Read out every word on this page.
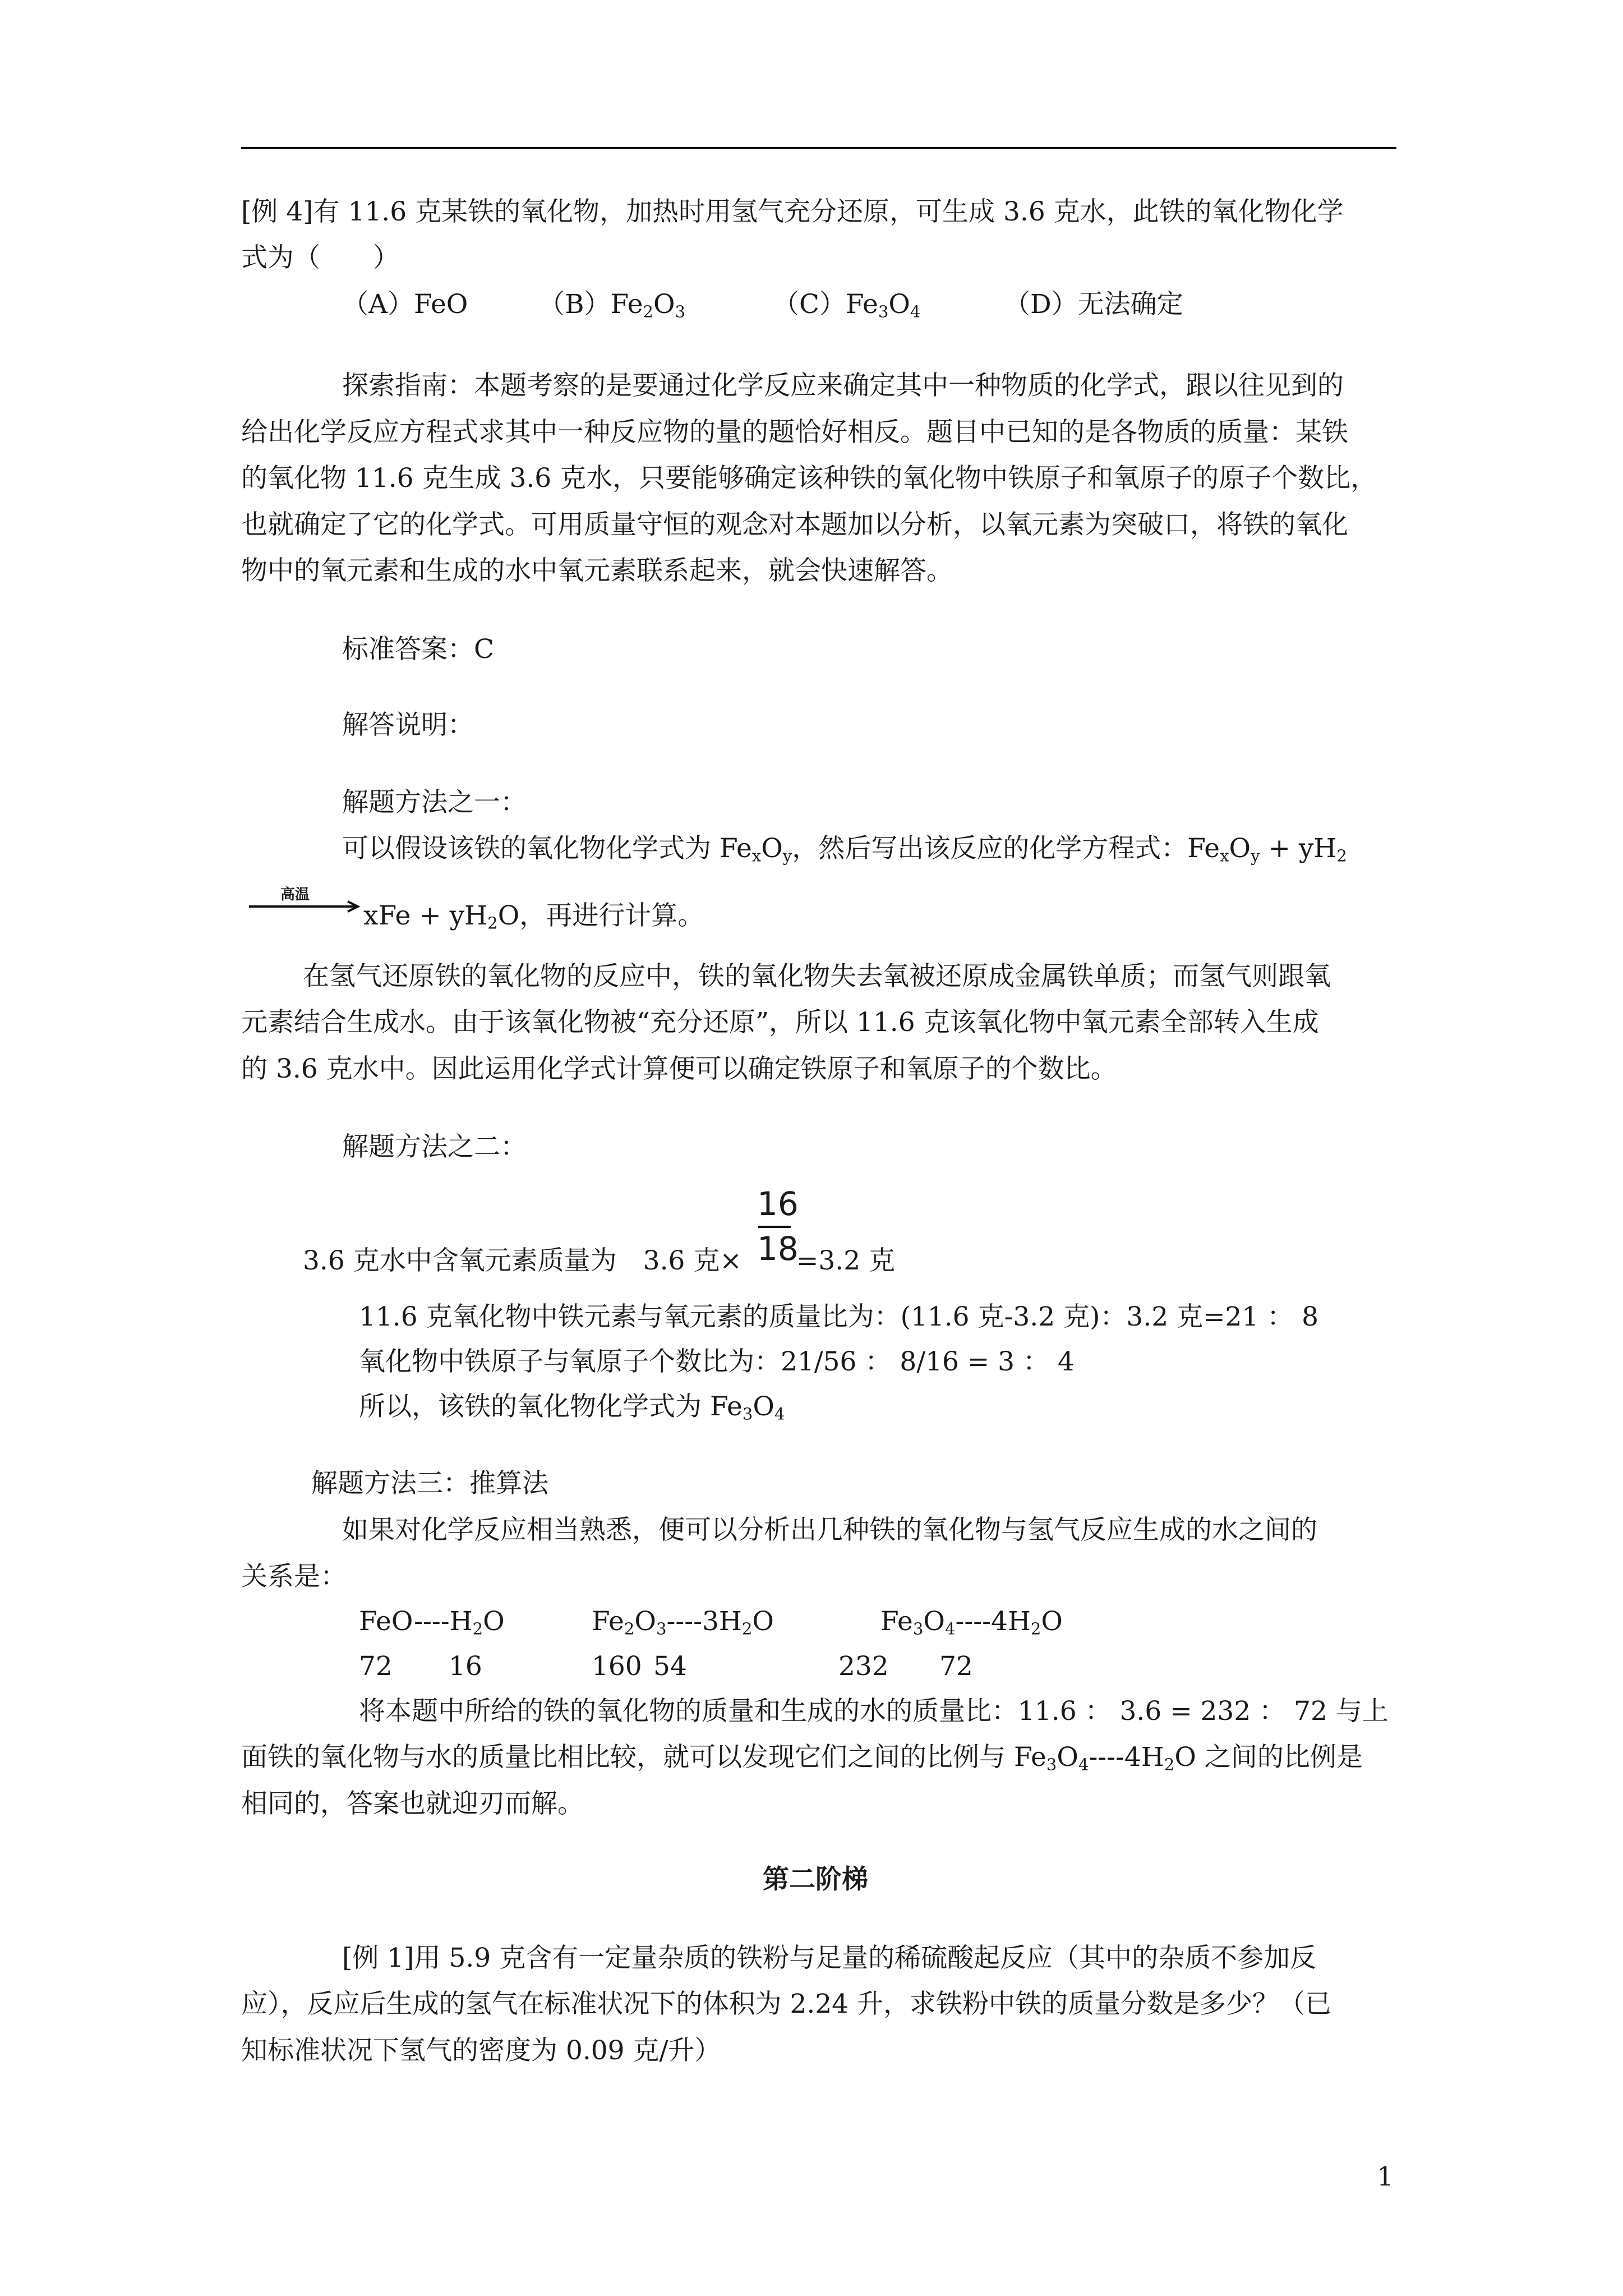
[例 4]有 11.6 克某铁的氧化物，加热时用氢气充分还原，可生成 3.6 克水，此铁的氧化物化学
式为（　　）
（A）FeO	$(B)Fe_2O_3$	$(C)Fe_3O_4$	（D）无法确定
探索指南：本题考察的是要通过化学反应来确定其中一种物质的化学式，跟以往见到的
给出化学反应方程式求其中一种反应物的量的题恰好相反。题目中已知的是各物质的质量：某铁
的氧化物 11.6 克生成 3.6 克水，只要能够确定该种铁的氧化物中铁原子和氧原子的原子个数比，
也就确定了它的化学式。可用质量守恒的观念对本题加以分析，以氧元素为突破口，将铁的氧化
物中的氧元素和生成的水中氧元素联系起来，就会快速解答。
标准答案：C
解答说明：
解题方法之一：
可以假设该铁的氧化物化学式为 $Fe_xO_y$，然后写出该反应的化学方程式：$Fe_xO_y + yH_2$
高温
xFe + $yH_2O$，再进行计算。
在氢气还原铁的氧化物的反应中，铁的氧化物失去氧被还原成金属铁单质；而氢气则跟氧
元素结合生成水。由于该氧化物被“充分还原”，所以 11.6 克该氧化物中氧元素全部转入生成
的 3.6 克水中。因此运用化学式计算便可以确定铁原子和氧原子的个数比。
解题方法之二：
16
18
3.6 克水中含氧元素质量为　3.6 克× =3.2 克
11.6 克氧化物中铁元素与氧元素的质量比为：(11.6 克-3.2 克)：3.2 克=21 ： 8
氧化物中铁原子与氧原子个数比为：21/56 ： 8/16 = 3 ： 4
所以，该铁的氧化物化学式为 $Fe_3O_4$
解题方法三：推算法
如果对化学反应相当熟悉，便可以分析出几种铁的氧化物与氢气反应生成的水之间的
关系是：
FeO-$---H_2O$	$Fe_2O_3----3H_2O$	$Fe_3O_4----4H_2O$
72 16	160 54	232 72
将本题中所给的铁的氧化物的质量和生成的水的质量比：11.6 ： 3.6 = 232 ： 72 与上
面铁的氧化物与水的质量比相比较，就可以发现它们之间的比例与 $Fe_3O_4----4H_2O$ 之间的比例是
相同的，答案也就迎刃而解。
第二阶梯
[例 1]用 5.9 克含有一定量杂质的铁粉与足量的稀硫酸起反应（其中的杂质不参加反
应），反应后生成的氢气在标准状况下的体积为 2.24 升，求铁粉中铁的质量分数是多少？（已
知标准状况下氢气的密度为 0.09 克/升）
1
